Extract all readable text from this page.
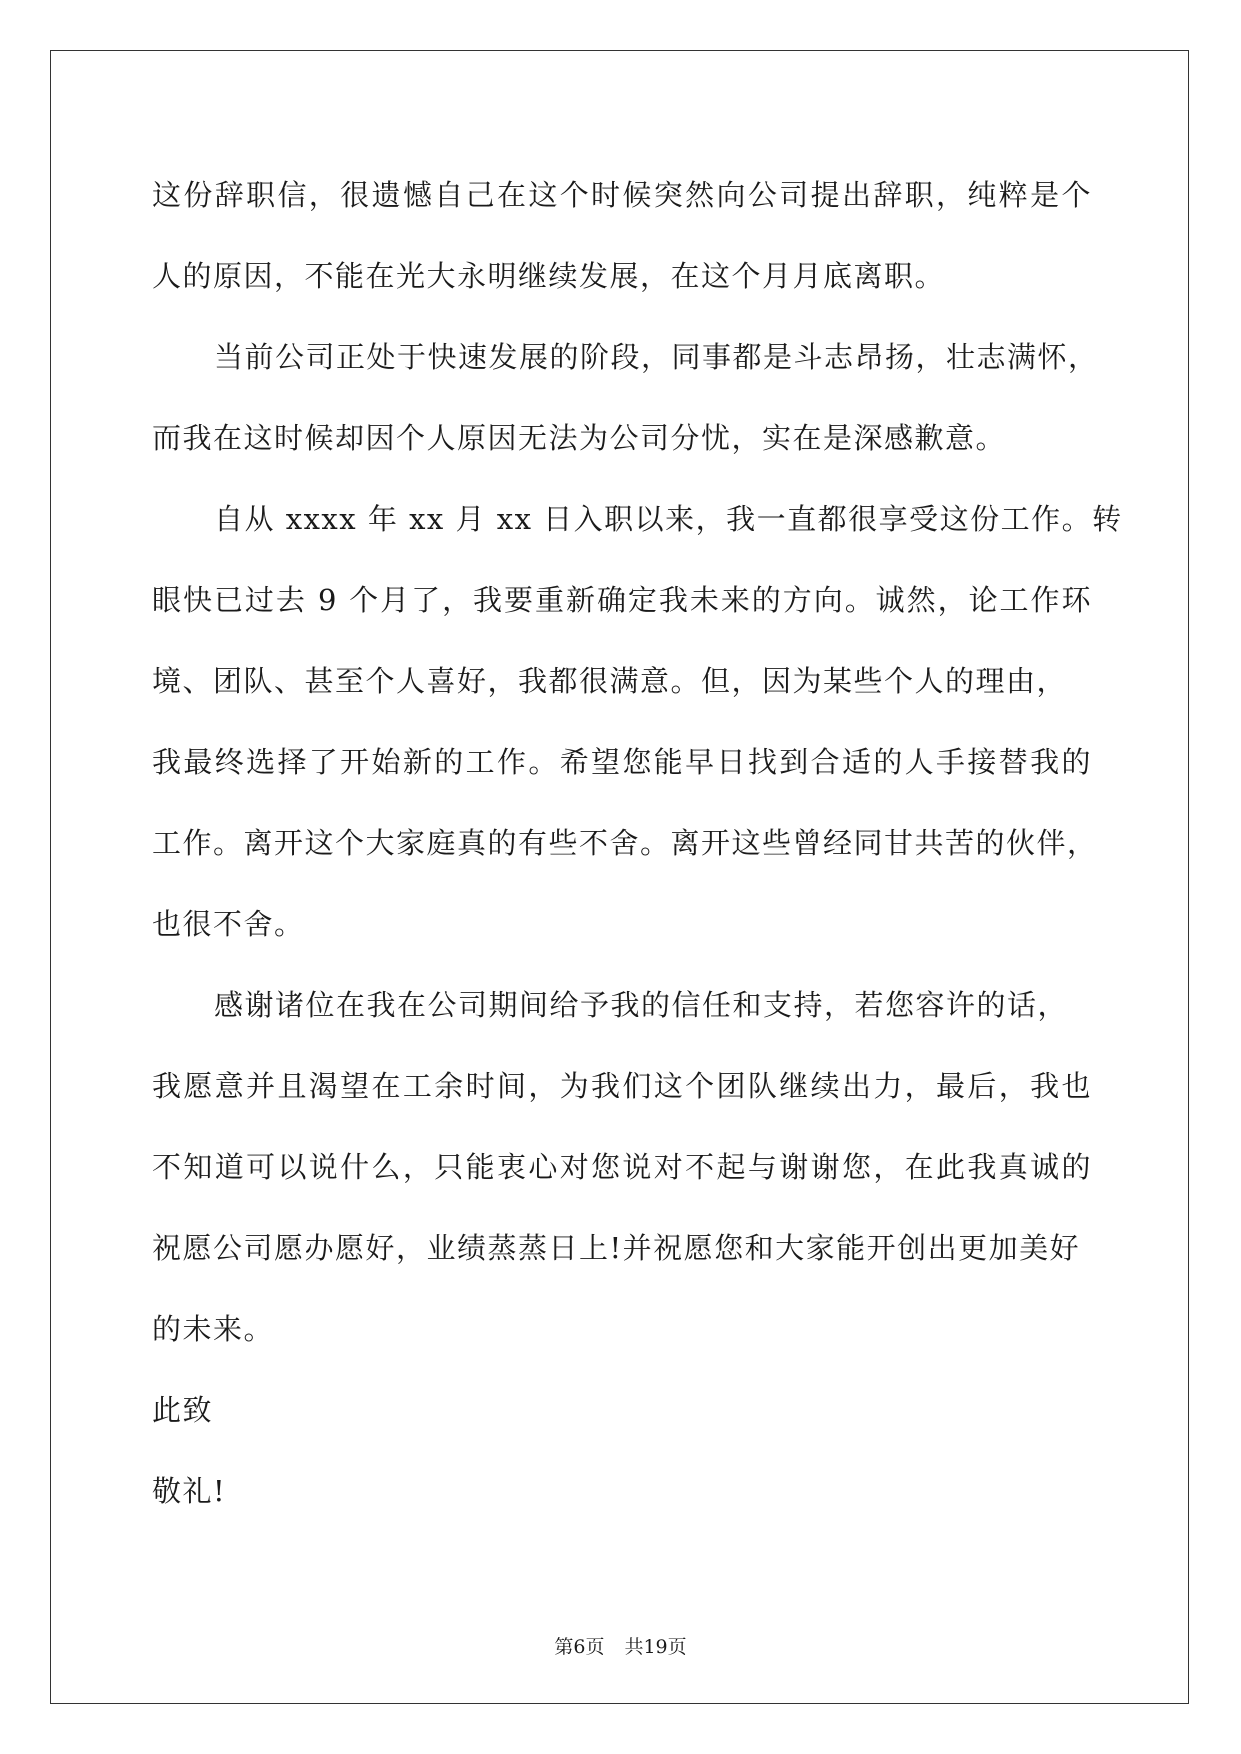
这份辞职信，很遗憾自己在这个时候突然向公司提出辞职，纯粹是个
人的原因，不能在光大永明继续发展，在这个月月底离职。
当前公司正处于快速发展的阶段，同事都是斗志昂扬，壮志满怀，
而我在这时候却因个人原因无法为公司分忧，实在是深感歉意。
自从 xxxx 年 xx 月 xx 日入职以来，我一直都很享受这份工作。转
眼快已过去 9 个月了，我要重新确定我未来的方向。诚然，论工作环
境、团队、甚至个人喜好，我都很满意。但，因为某些个人的理由，
我最终选择了开始新的工作。希望您能早日找到合适的人手接替我的
工作。离开这个大家庭真的有些不舍。离开这些曾经同甘共苦的伙伴，
也很不舍。
感谢诸位在我在公司期间给予我的信任和支持，若您容许的话，
我愿意并且渴望在工余时间，为我们这个团队继续出力，最后，我也
不知道可以说什么，只能衷心对您说对不起与谢谢您，在此我真诚的
祝愿公司愿办愿好，业绩蒸蒸日上!并祝愿您和大家能开创出更加美好
的未来。
此致
敬礼!
第6页 共19页
